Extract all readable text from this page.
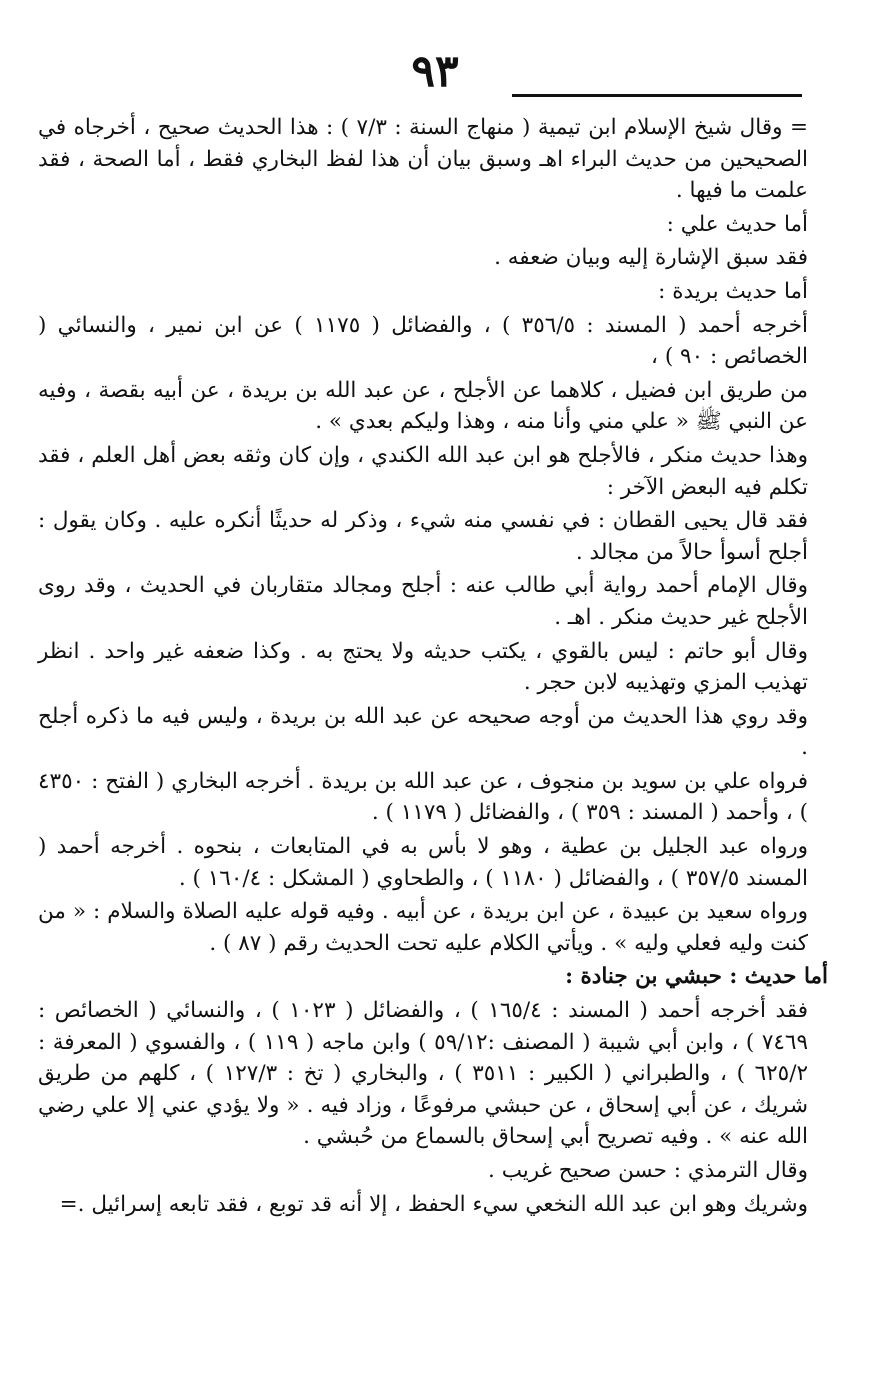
٩٣

= وقال شيخ الإسلام ابن تيمية ( منهاج السنة : ٧/٣ ) : هذا الحديث صحيح ، أخرجاه في الصحيحين من حديث البراء اهـ وسبق بيان أن هذا لفظ البخاري فقط ، أما الصحة ، فقد علمت ما فيها .

أما حديث علي :

فقد سبق الإشارة إليه وبيان ضعفه .

أما حديث بريدة :

أخرجه أحمد ( المسند : ٣٥٦/٥ ) ، والفضائل ( ١١٧٥ ) عن ابن نمير ، والنسائي ( الخصائص : ٩٠ ) ،

من طريق ابن فضيل ، كلاهما عن الأجلح ، عن عبد الله بن بريدة ، عن أبيه بقصة ، وفيه عن النبي ﷺ « علي مني وأنا منه ، وهذا وليكم بعدي » .

وهذا حديث منكر ، فالأجلح هو ابن عبد الله الكندي ، وإن كان وثقه بعض أهل العلم ، فقد تكلم فيه البعض الآخر :

فقد قال يحيى القطان : في نفسي منه شيء ، وذكر له حديثًا أنكره عليه . وكان يقول : أجلح أسوأ حالاً من مجالد .

وقال الإمام أحمد رواية أبي طالب عنه : أجلح ومجالد متقاربان في الحديث ، وقد روى الأجلح غير حديث منكر . اهـ .

وقال أبو حاتم : ليس بالقوي ، يكتب حديثه ولا يحتج به . وكذا ضعفه غير واحد . انظر تهذيب المزي وتهذيبه لابن حجر .

وقد روي هذا الحديث من أوجه صحيحه عن عبد الله بن بريدة ، وليس فيه ما ذكره أجلح .

فرواه علي بن سويد بن منجوف ، عن عبد الله بن بريدة . أخرجه البخاري ( الفتح : ٤٣٥٠ ) ، وأحمد ( المسند : ٣٥٩ ) ، والفضائل ( ١١٧٩ ) .

ورواه عبد الجليل بن عطية ، وهو لا بأس به في المتابعات ، بنحوه . أخرجه أحمد ( المسند ٣٥٧/٥ ) ، والفضائل ( ١١٨٠ ) ، والطحاوي ( المشكل : ١٦٠/٤ ) .

ورواه سعيد بن عبيدة ، عن ابن بريدة ، عن أبيه . وفيه قوله عليه الصلاة والسلام : « من كنت وليه فعلي وليه » . ويأتي الكلام عليه تحت الحديث رقم ( ٨٧ ) .

أما حديث : حبشي بن جنادة :

فقد أخرجه أحمد ( المسند : ١٦٥/٤ ) ، والفضائل ( ١٠٢٣ ) ، والنسائي ( الخصائص : ٧٤٦٩ ) ، وابن أبي شيبة ( المصنف :٥٩/١٢ ) وابن ماجه ( ١١٩ ) ، والفسوي ( المعرفة : ٦٢٥/٢ ) ، والطبراني ( الكبير : ٣٥١١ ) ، والبخاري ( تخ : ١٢٧/٣ ) ، كلهم من طريق شريك ، عن أبي إسحاق ، عن حبشي مرفوعًا ، وزاد فيه . « ولا يؤدي عني إلا علي رضي الله عنه » . وفيه تصريح أبي إسحاق بالسماع من حُبشي .

وقال الترمذي : حسن صحيح غريب .

وشريك وهو ابن عبد الله النخعي سيء الحفظ ، إلا أنه قد توبع ، فقد تابعه إسرائيل .=
